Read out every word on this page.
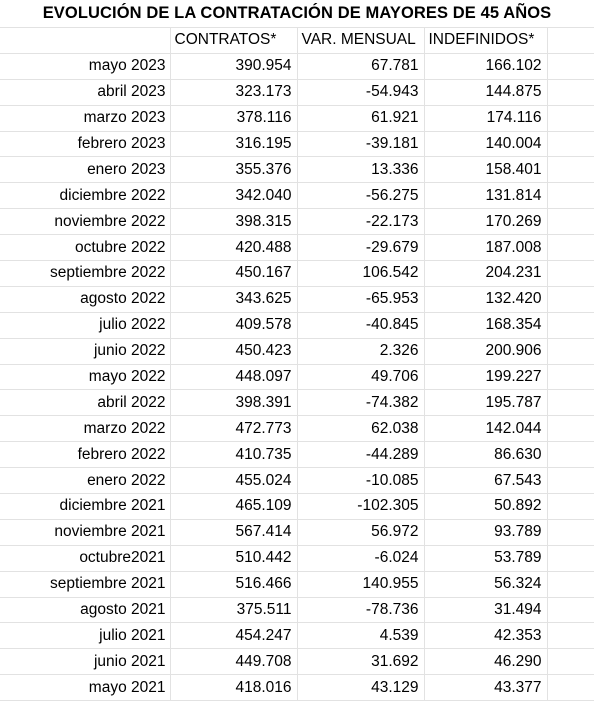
EVOLUCIÓN DE LA CONTRATACIÓN DE MAYORES DE 45 AÑOS
	CONTRATOS*	VAR. MENSUAL	INDEFINIDOS*	
mayo 2023	390.954	67.781	166.102	
abril 2023	323.173	-54.943	144.875	
marzo 2023	378.116	61.921	174.116	
febrero 2023	316.195	-39.181	140.004	
enero 2023	355.376	13.336	158.401	
diciembre 2022	342.040	-56.275	131.814	
noviembre 2022	398.315	-22.173	170.269	
octubre 2022	420.488	-29.679	187.008	
septiembre 2022	450.167	106.542	204.231	
agosto 2022	343.625	-65.953	132.420	
julio 2022	409.578	-40.845	168.354	
junio 2022	450.423	2.326	200.906	
mayo 2022	448.097	49.706	199.227	
abril 2022	398.391	-74.382	195.787	
marzo 2022	472.773	62.038	142.044	
febrero 2022	410.735	-44.289	86.630	
enero 2022	455.024	-10.085	67.543	
diciembre 2021	465.109	-102.305	50.892	
noviembre 2021	567.414	56.972	93.789	
octubre2021	510.442	-6.024	53.789	
septiembre 2021	516.466	140.955	56.324	
agosto 2021	375.511	-78.736	31.494	
julio 2021	454.247	4.539	42.353	
junio 2021	449.708	31.692	46.290	
mayo 2021	418.016	43.129	43.377	
